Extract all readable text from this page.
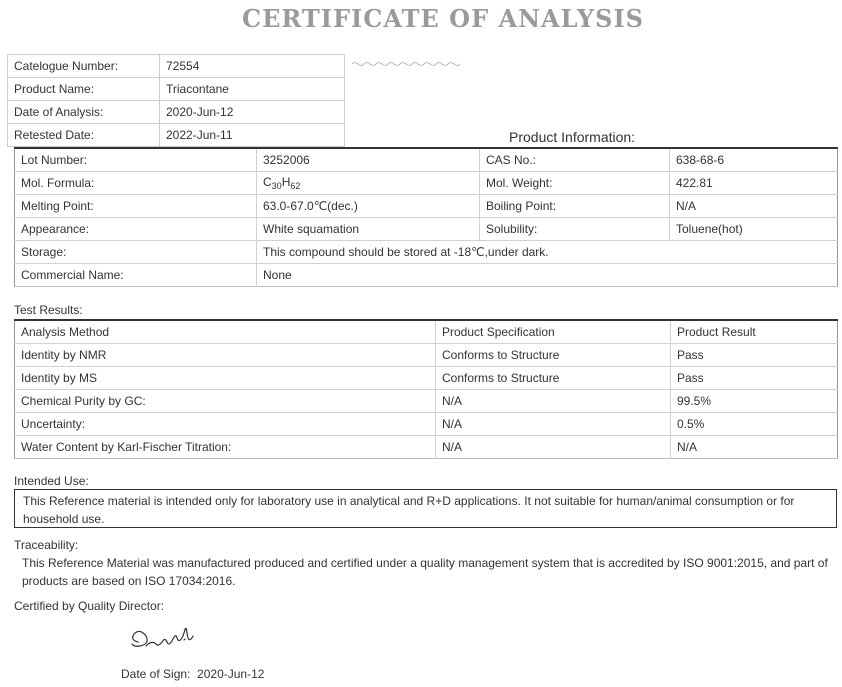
CERTIFICATE OF ANALYSIS
Catelogue Number:	72554
Product Name:	Triacontane
Date of Analysis:	2020-Jun-12
Retested Date:	2022-Jun-11	Product Information:
Lot Number:	3252006	CAS No.:	638-68-6
Mol. Formula:	$C_{30}H_{62}$	Mol. Weight:	422.81
Melting Point:	63.0-67.0℃(dec.)	Boiling Point:	N/A
Appearance:	White squamation	Solubility:	Toluene(hot)
Storage:	This compound should be stored at -18℃,under dark.		
Commercial Name:	None		
Test Results:
Analysis Method	Product Specification	Product Result
Identity by NMR	Conforms to Structure	Pass
Identity by MS	Conforms to Structure	Pass
Chemical Purity by GC:	N/A	99.5%
Uncertainty:	N/A	0.5%
Water Content by Karl-Fischer Titration:	N/A	N/A
Intended Use:
This Reference material is intended only for laboratory use in analytical and R+D applications. It not suitable for human/animal consumption or for household use.
Traceability:
This Reference Material was manufactured produced and certified under a quality management system that is accredited by ISO 9001:2015, and part of products are based on ISO 17034:2016.
Certified by Quality Director:
Date of Sign: 2020-Jun-12
